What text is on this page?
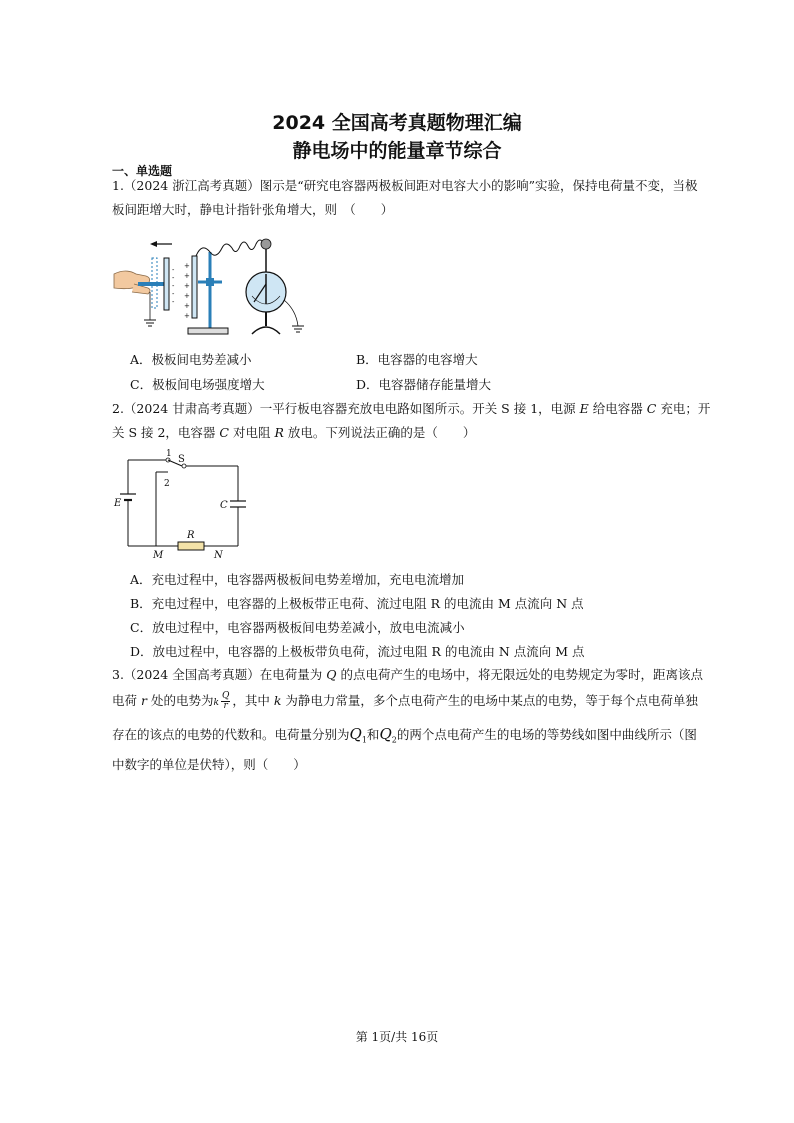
2024 全国高考真题物理汇编
静电场中的能量章节综合
一、单选题
1.（2024 浙江高考真题）图示是“研究电容器两极板间距对电容大小的影响”实验，保持电荷量不变，当极
板间距增大时，静电计指针张角增大，则　（　　）
-
-
-
-
-
+
+
+
+
+
+
A．极板间电势差减小	B．电容器的电容增大
C．极板间电场强度增大	D．电容器储存能量增大
2.（2024 甘肃高考真题）一平行板电容器充放电电路如图所示。开关 S 接 1，电源 E 给电容器 C 充电；开
关 S 接 2，电容器 C 对电阻 R 放电。下列说法正确的是（　　）
M	N
R
E	C
S
1
2
A．充电过程中，电容器两极板间电势差增加，充电电流增加
B．充电过程中，电容器的上极板带正电荷、流过电阻 R 的电流由 M 点流向 N 点
C．放电过程中，电容器两极板间电势差减小，放电电流减小
D．放电过程中，电容器的上极板带负电荷，流过电阻 R 的电流由 N 点流向 M 点
3.（2024 全国高考真题）在电荷量为 Q 的点电荷产生的电场中，将无限远处的电势规定为零时，距离该点
电荷 r 处的电势为k $\frac{Q}{r}$ ，其中 k 为静电力常量，多个点电荷产生的电场中某点的电势，等于每个点电荷单独
存在的该点的电势的代数和。电荷量分别为$Q_1$和$Q_2$的两个点电荷产生的电场的等势线如图中曲线所示（图
中数字的单位是伏特），则（　　）
第 1页/共 16页
